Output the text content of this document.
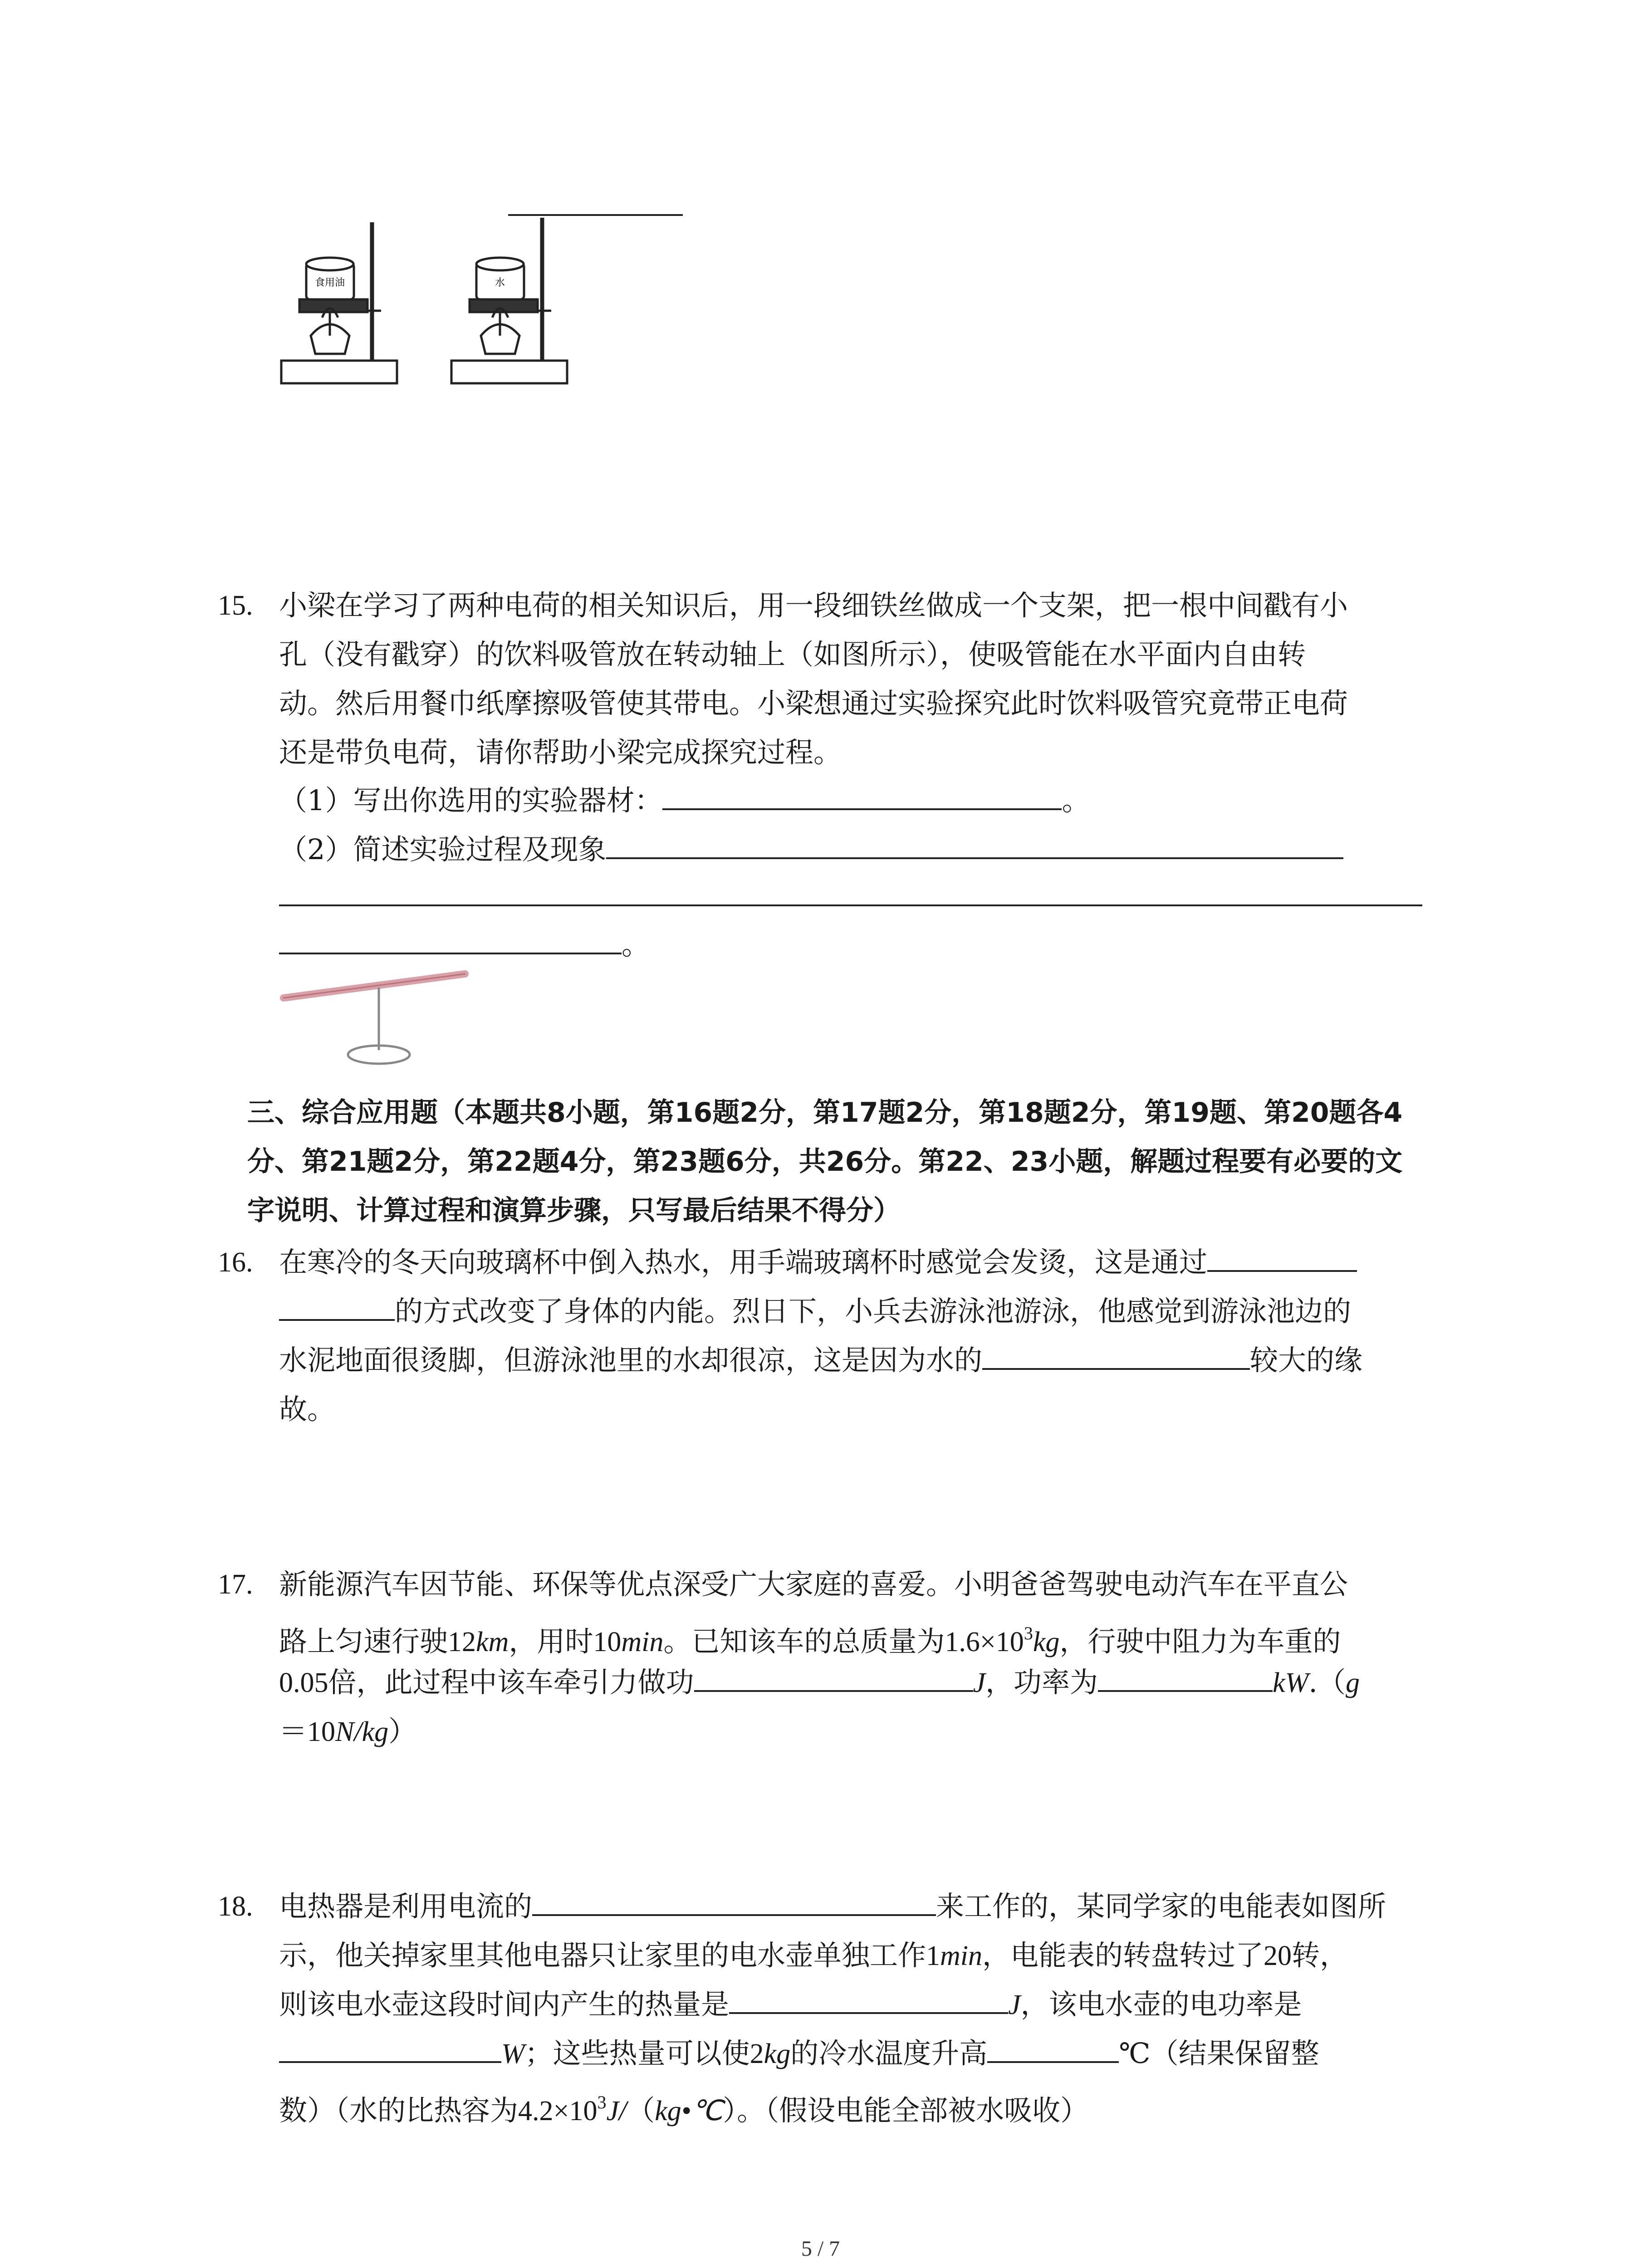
食用油	水
15. 小梁在学习了两种电荷的相关知识后，用一段细铁丝做成一个支架，把一根中间戳有小
孔（没有戳穿）的饮料吸管放在转动轴上（如图所示），使吸管能在水平面内自由转
动。然后用餐巾纸摩擦吸管使其带电。小梁想通过实验探究此时饮料吸管究竟带正电荷
还是带负电荷，请你帮助小梁完成探究过程。
（1）写出你选用的实验器材：	。
（2）简述实验过程及现象
。
三、综合应用题（本题共8小题，第16题2分，第17题2分，第18题2分，第19题、第20题各4
分、第21题2分，第22题4分，第23题6分，共26分。第22、23小题，解题过程要有必要的文
字说明、计算过程和演算步骤，只写最后结果不得分）
16. 在寒冷的冬天向玻璃杯中倒入热水，用手端玻璃杯时感觉会发烫，这是通过
的方式改变了身体的内能。烈日下，小兵去游泳池游泳，他感觉到游泳池边的
水泥地面很烫脚，但游泳池里的水却很凉，这是因为水的	较大的缘
故。
17. 新能源汽车因节能、环保等优点深受广大家庭的喜爱。小明爸爸驾驶电动汽车在平直公
路上匀速行驶12km，用时10min。已知该车的总质量为$1.6\times 10^3kg$，行驶中阻力为车重的
0.05倍，此过程中该车牵引力做功	J，功率为	kW.（g
＝10N/kg）
18. 电热器是利用电流的	来工作的，某同学家的电能表如图所
示，他关掉家里其他电器只让家里的电水壶单独工作1min，电能表的转盘转过了20转，
则该电水壶这段时间内产生的热量是	J，该电水壶的电功率是
W；这些热量可以使2kg的冷水温度升高	℃（结果保留整
数）（水的比热容为$4.2\times 10^3J/(kg•℃)$。（假设电能全部被水吸收）
5 / 7
